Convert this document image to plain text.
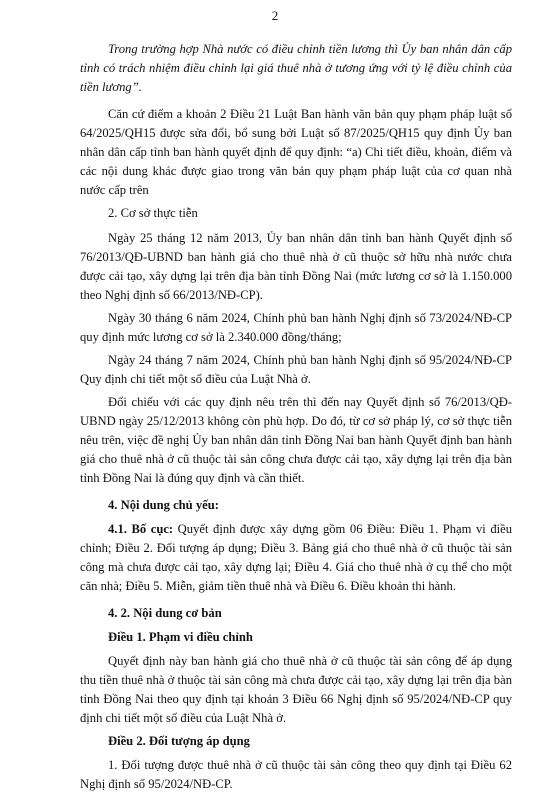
2

Trong trường hợp Nhà nước có điều chỉnh tiền lương thì Ủy ban nhân dân cấp tỉnh có trách nhiệm điều chỉnh lại giá thuê nhà ở tương ứng với tỷ lệ điều chỉnh của tiền lương”.

Căn cứ điểm a khoản 2 Điều 21 Luật Ban hành văn bản quy phạm pháp luật số 64/2025/QH15 được sửa đổi, bổ sung bởi Luật số 87/2025/QH15 quy định Ủy ban nhân dân cấp tỉnh ban hành quyết định để quy định: “a) Chi tiết điều, khoản, điểm và các nội dung khác được giao trong văn bản quy phạm pháp luật của cơ quan nhà nước cấp trên

2. Cơ sở thực tiễn

Ngày 25 tháng 12 năm 2013, Ủy ban nhân dân tỉnh ban hành Quyết định số 76/2013/QĐ-UBND ban hành giá cho thuê nhà ở cũ thuộc sở hữu nhà nước chưa được cải tạo, xây dựng lại trên địa bàn tỉnh Đồng Nai (mức lương cơ sở là 1.150.000 theo Nghị định số 66/2013/NĐ-CP).

Ngày 30 tháng 6 năm 2024, Chính phủ ban hành Nghị định số 73/2024/NĐ-CP quy định mức lương cơ sở là 2.340.000 đồng/tháng;

Ngày 24 tháng 7 năm 2024, Chính phủ ban hành Nghị định số 95/2024/NĐ-CP Quy định chi tiết một số điều của Luật Nhà ở.

Đối chiếu với các quy định nêu trên thì đến nay Quyết định số 76/2013/QĐ-UBND ngày 25/12/2013 không còn phù hợp. Do đó, từ cơ sở pháp lý, cơ sở thực tiễn nêu trên, việc đề nghị Ủy ban nhân dân tỉnh Đồng Nai ban hành Quyết định ban hành giá cho thuê nhà ở cũ thuộc tài sản công chưa được cải tạo, xây dựng lại trên địa bàn tỉnh Đồng Nai là đúng quy định và cần thiết.

4. Nội dung chủ yếu:

4.1. Bố cục: Quyết định được xây dựng gồm 06 Điều: Điều 1. Phạm vi điều chỉnh; Điều 2. Đối tượng áp dụng; Điều 3. Bảng giá cho thuê nhà ở cũ thuộc tài sản công mà chưa được cải tạo, xây dựng lại; Điều 4. Giá cho thuê nhà ở cụ thể cho một căn nhà; Điều 5. Miễn, giảm tiền thuê nhà và Điều 6. Điều khoản thi hành.

4. 2. Nội dung cơ bản

Điều 1. Phạm vi điều chỉnh

Quyết định này ban hành giá cho thuê nhà ở cũ thuộc tài sản công để áp dụng thu tiền thuê nhà ở thuộc tài sản công mà chưa được cải tạo, xây dựng lại trên địa bàn tỉnh Đồng Nai theo quy định tại khoản 3 Điều 66 Nghị định số 95/2024/NĐ-CP quy định chi tiết một số điều của Luật Nhà ở.

Điều 2. Đối tượng áp dụng

1. Đối tượng được thuê nhà ở cũ thuộc tài sản công theo quy định tại Điều 62 Nghị định số 95/2024/NĐ-CP.
